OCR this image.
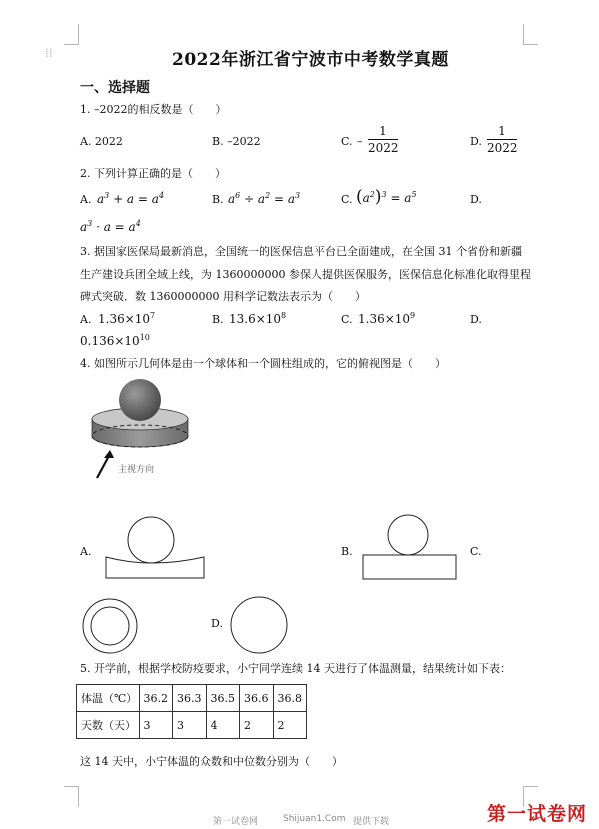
⁞⁞	2022年浙江省宁波市中考数学真题
一、选择题
1. –2022的相反数是（　　）
A. 2022	B. –2022	C. –
1
2022	D.
1
2022
2. 下列计算正确的是（　　）
A. $a^3 + a = a^4$	B. $a^6 \div a^2 = a^3$	C. $(a^2)^3 = a^5$	D.
$a^3 \cdot a = a^4$
3. 据国家医保局最新消息，全国统一的医保信息平台已全面建成，在全国 31 个省份和新疆
生产建设兵团全域上线，为 1360000000 参保人提供医保服务，医保信息化标准化取得里程
碑式突破．数 1360000000 用科学记数法表示为（　　）
A. $1.36\times 10^7$	B. $13.6\times 10^8$	C. $1.36\times 10^9$	D.
$0.136\times 10^{10}$
4. 如图所示几何体是由一个球体和一个圆柱组成的，它的俯视图是（　　）
主视方向
A.	B.	C.
D.
5. 开学前，根据学校防疫要求，小宁同学连续 14 天进行了体温测量，结果统计如下表：
体温（℃）	36.2	36.3	36.5	36.6	36.8
天数（天）	3	3	4	2	2
这 14 天中，小宁体温的众数和中位数分别为（　　）
第一试卷网	Shijuan1.Com 提供下载	第一试卷网
